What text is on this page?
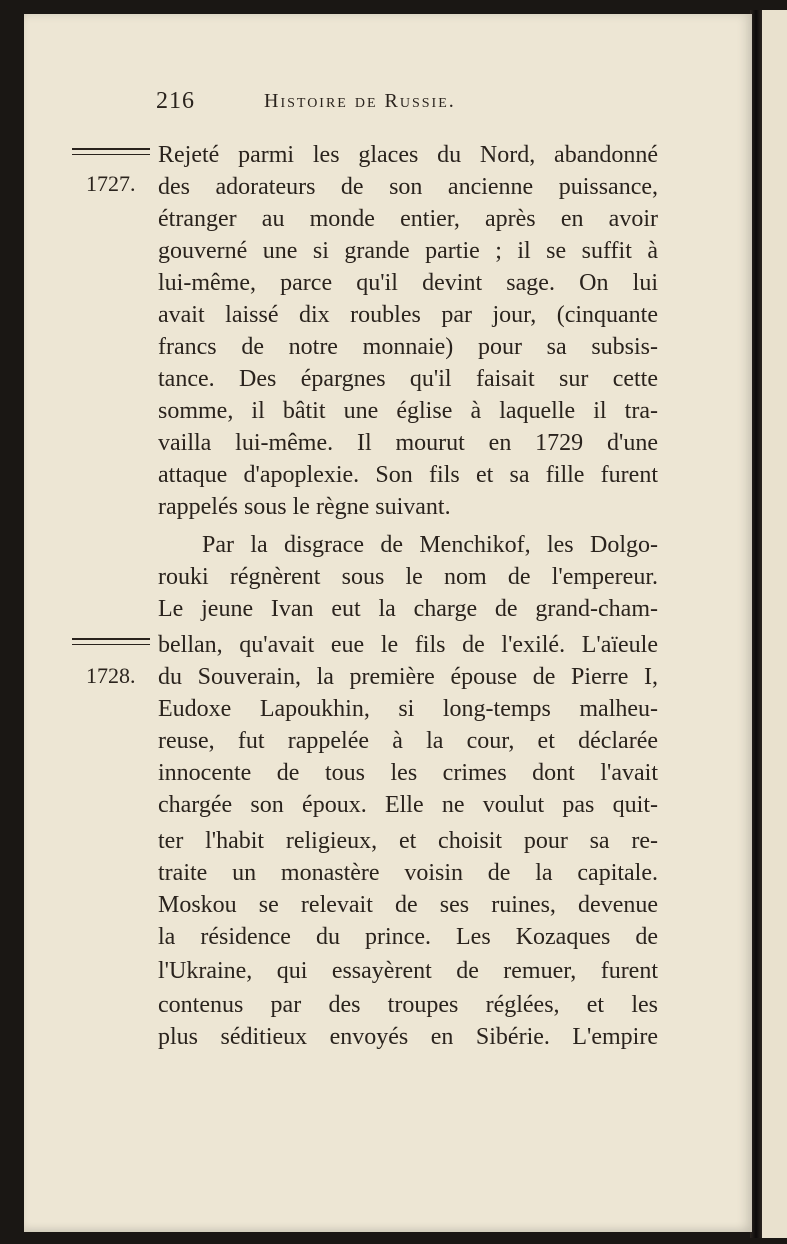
216	Histoire de Russie.
1727.
1728.
Rejeté parmi les glaces du Nord, abandonné
des adorateurs de son ancienne puissance,
étranger au monde entier, après en avoir
gouverné une si grande partie ; il se suffit à
lui-même, parce qu'il devint sage. On lui
avait laissé dix roubles par jour, (cinquante
francs de notre monnaie) pour sa subsis-
tance. Des épargnes qu'il faisait sur cette
somme, il bâtit une église à laquelle il tra-
vailla lui-même. Il mourut en 1729 d'une
attaque d'apoplexie. Son fils et sa fille furent
rappelés sous le règne suivant.
Par la disgrace de Menchikof, les Dolgo-
rouki régnèrent sous le nom de l'empereur.
Le jeune Ivan eut la charge de grand-cham-
bellan, qu'avait eue le fils de l'exilé. L'aïeule
du Souverain, la première épouse de Pierre I,
Eudoxe Lapoukhin, si long-temps malheu-
reuse, fut rappelée à la cour, et déclarée
innocente de tous les crimes dont l'avait
chargée son époux. Elle ne voulut pas quit-
ter l'habit religieux, et choisit pour sa re-
traite un monastère voisin de la capitale.
Moskou se relevait de ses ruines, devenue
la résidence du prince. Les Kozaques de
l'Ukraine, qui essayèrent de remuer, furent
contenus par des troupes réglées, et les
plus séditieux envoyés en Sibérie. L'empire
